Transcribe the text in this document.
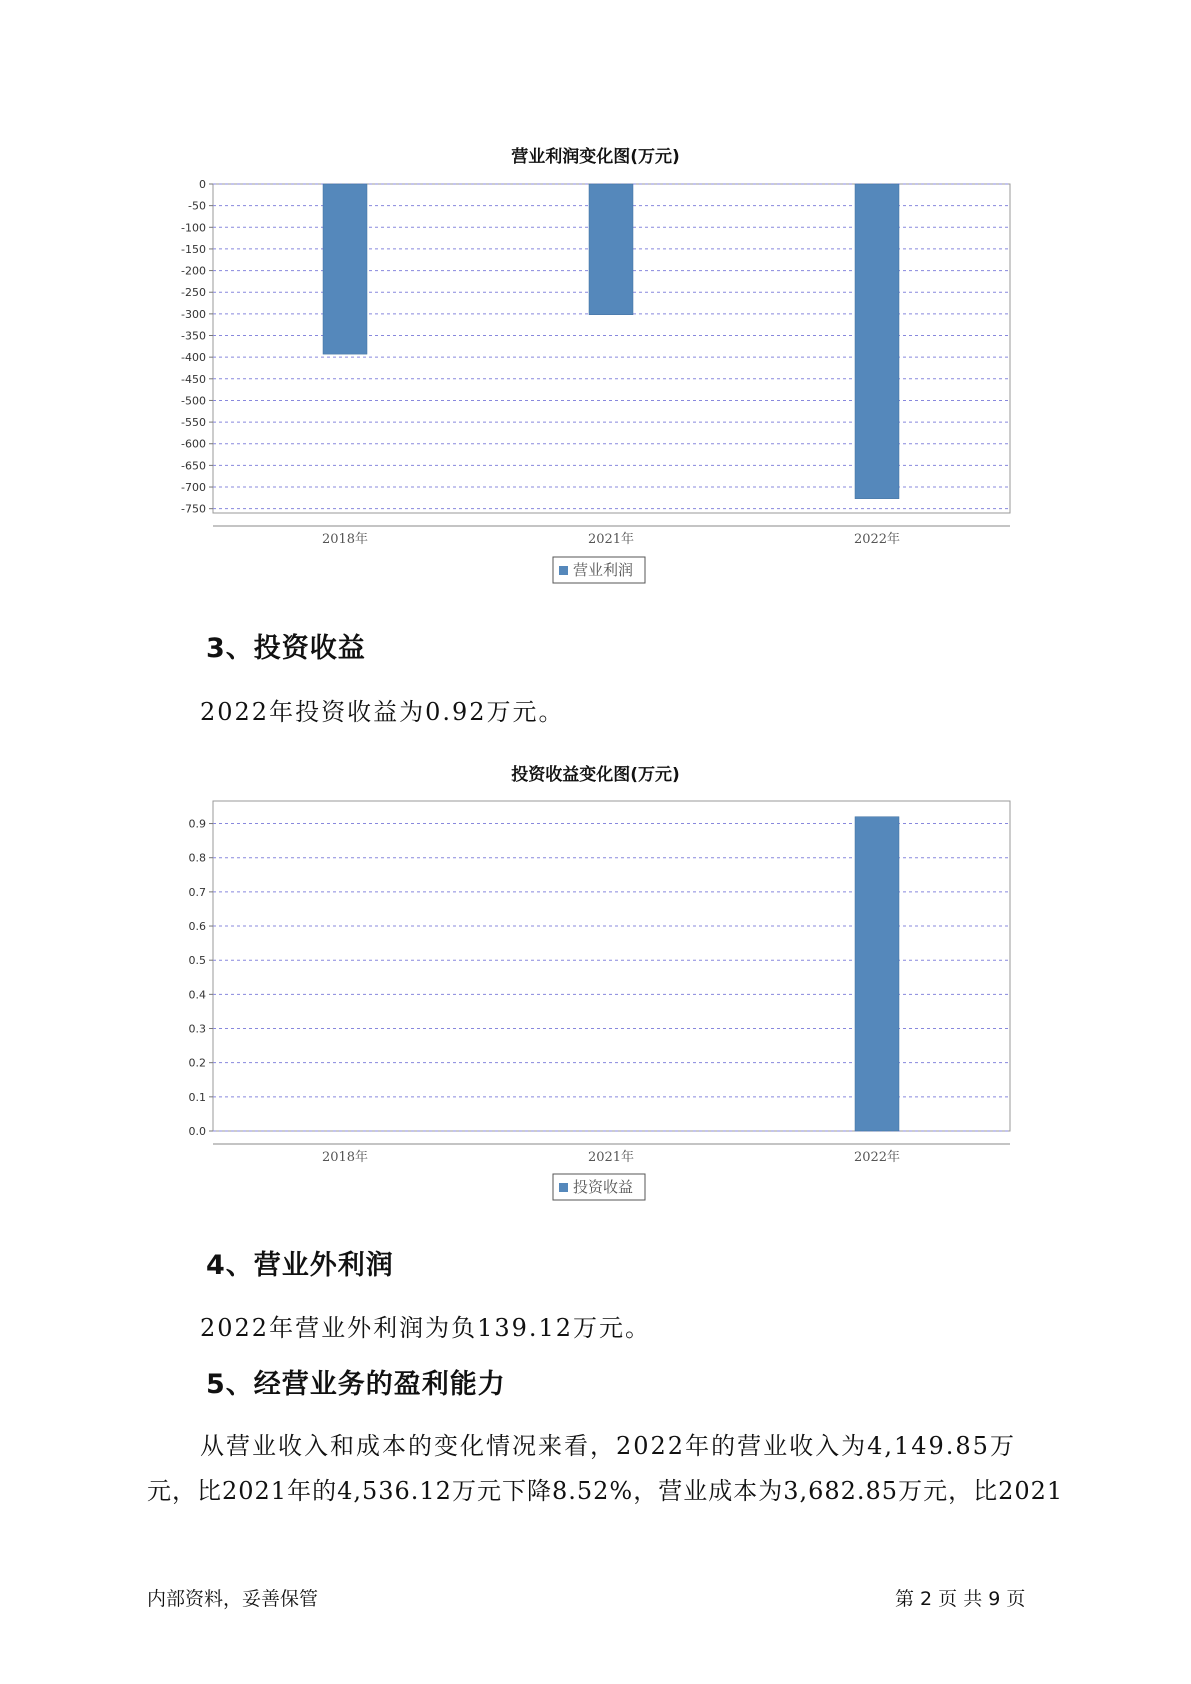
营业利润变化图(万元)
0
-50
-100
-150
-200
-250
-300
-350
-400
-450
-500
-550
-600
-650
-700
-750
2018年	2021年	2022年
营业利润
3、投资收益
2022年投资收益为0.92万元。
投资收益变化图(万元)
0.0
0.1
0.2
0.3
0.4
0.5
0.6
0.7
0.8
0.9
2018年	2021年	2022年
投资收益
4、营业外利润
2022年营业外利润为负139.12万元。
5、经营业务的盈利能力
从营业收入和成本的变化情况来看，2022年的营业收入为4,149.85万
元，比2021年的4,536.12万元下降8.52%，营业成本为3,682.85万元，比2021
内部资料，妥善保管	第 2 页 共 9 页
